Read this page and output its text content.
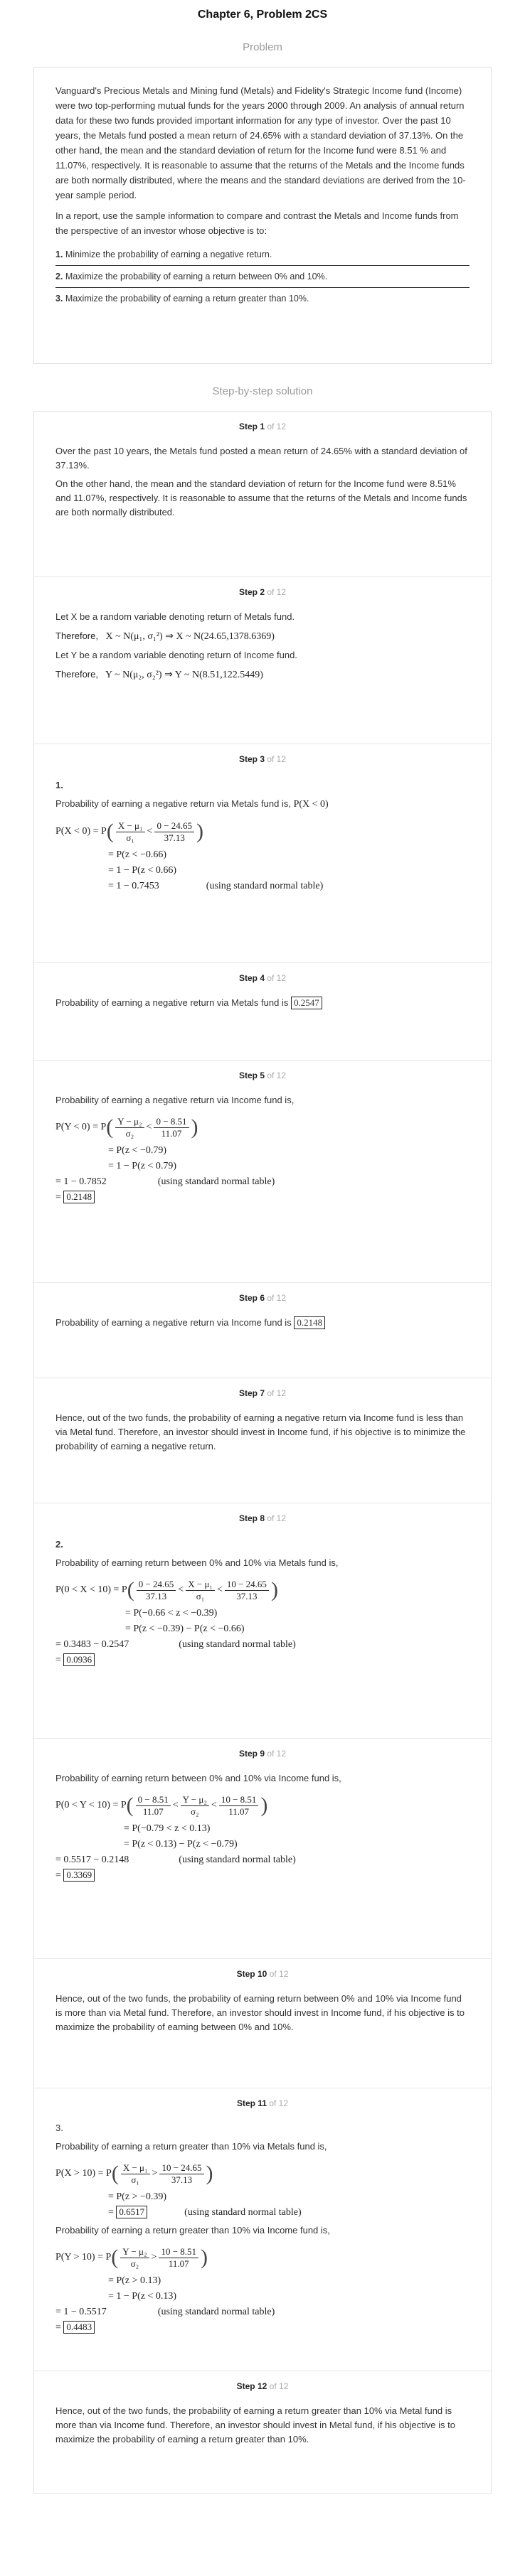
Chapter 6, Problem 2CS
Problem

Vanguard's Precious Metals and Mining fund (Metals) and Fidelity's Strategic Income fund (Income) were two top-performing mutual funds for the years 2000 through 2009. An analysis of annual return data for these two funds provided important information for any type of investor. Over the past 10 years, the Metals fund posted a mean return of 24.65% with a standard deviation of 37.13%. On the other hand, the mean and the standard deviation of return for the Income fund were 8.51 % and 11.07%, respectively. It is reasonable to assume that the returns of the Metals and the Income funds are both normally distributed, where the means and the standard deviations are derived from the 10-year sample period.

In a report, use the sample information to compare and contrast the Metals and Income funds from the perspective of an investor whose objective is to:

1. Minimize the probability of earning a negative return.
2. Maximize the probability of earning a return between 0% and 10%.
3. Maximize the probability of earning a return greater than 10%.
Step-by-step solution
Step 1 of 12

Over the past 10 years, the Metals fund posted a mean return of 24.65% with a standard deviation of 37.13%.

On the other hand, the mean and the standard deviation of return for the Income fund were 8.51% and 11.07%, respectively. It is reasonable to assume that the returns of the Metals and Income funds are both normally distributed.

Step 2 of 12

Let X be a random variable denoting return of Metals fund.

Therefore, X ~ N(μ₁, σ₁²) ⇒ X ~ N(24.65,1378.6369)

Let Y be a random variable denoting return of Income fund.

Therefore, Y ~ N(μ₂, σ₂²) ⇒ Y ~ N(8.51,122.5449)
Step 3 of 12

1.

Probability of earning a negative return via Metals fund is, P(X < 0)

P(X < 0) = P ( $\frac{\text{X − μ₁}}{\text{σ₁}} < \frac{0 - 24.65}{37.13}$ )
= P(z < −0.66)
= 1 − P(z < 0.66)
= 1 − 0.7453	(using standard normal table)
Step 4 of 12

Probability of earning a negative return via Metals fund is 0.2547

Step 5 of 12

Probability of earning a negative return via Income fund is,

P(Y < 0) = P ( $\frac{\text{Y − μ₂}}{\text{σ₂}} < \frac{0 - 8.51}{11.07}$ )
= P(z < −0.79)
= 1 − P(z < 0.79)
= 1 − 0.7852	(using standard normal table)
= 0.2148
Step 6 of 12

Probability of earning a negative return via Income fund is 0.2148

Step 7 of 12

Hence, out of the two funds, the probability of earning a negative return via Income fund is less than via Metal fund. Therefore, an investor should invest in Income fund, if his objective is to minimize the probability of earning a negative return.

Step 8 of 12

2.

Probability of earning return between 0% and 10% via Metals fund is,

P(0 < X < 10) = P ( $\frac{0 - 24.65}{37.13} < \frac{\text{X − μ₁}}{\text{σ₁}} < \frac{10 - 24.65}{37.13}$ )
= P(−0.66 < z < −0.39)
= P(z < −0.39) − P(z < −0.66)
= 0.3483 − 0.2547	(using standard normal table)
= 0.0936
Step 9 of 12

Probability of earning return between 0% and 10% via Income fund is,

P(0 < Y < 10) = P ( $\frac{0 - 8.51}{11.07} < \frac{\text{Y − μ₂}}{\text{σ₂}} < \frac{10 - 8.51}{11.07}$ )
= P(−0.79 < z < 0.13)
= P(z < 0.13) − P(z < −0.79)
= 0.5517 − 0.2148	(using standard normal table)
= 0.3369
Step 10 of 12

Hence, out of the two funds, the probability of earning return between 0% and 10% via Income fund is more than via Metal fund. Therefore, an investor should invest in Income fund, if his objective is to maximize the probability of earning between 0% and 10%.

Step 11 of 12

3.

Probability of earning a return greater than 10% via Metals fund is,

P(X > 10) = P ( $\frac{\text{X − μ₁}}{\text{σ₁}} > \frac{10 - 24.65}{37.13}$ )
= P(z > −0.39)
= 0.6517	(using standard normal table)

Probability of earning a return greater than 10% via Income fund is,

P(Y > 10) = P ( $\frac{\text{Y − μ₂}}{\text{σ₂}} > \frac{10 - 8.51}{11.07}$ )
= P(z > 0.13)
= 1 − P(z < 0.13)
= 1 − 0.5517	(using standard normal table)
= 0.4483
Step 12 of 12

Hence, out of the two funds, the probability of earning a return greater than 10% via Metal fund is more than via Income fund. Therefore, an investor should invest in Metal fund, if his objective is to maximize the probability of earning a return greater than 10%.
